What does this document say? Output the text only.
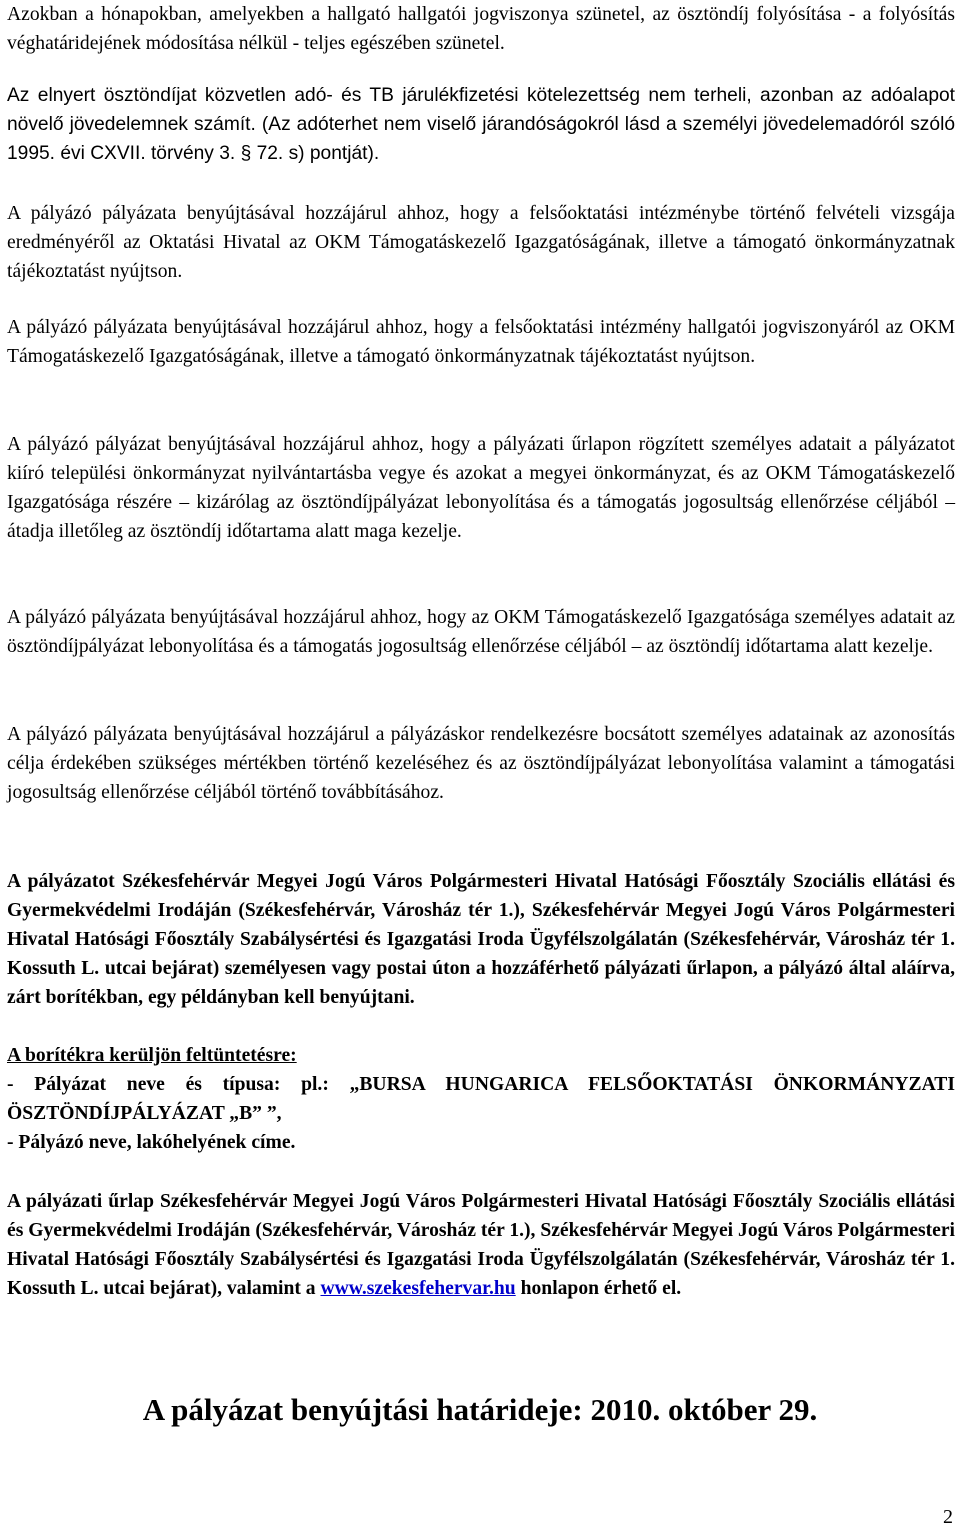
Azokban a hónapokban, amelyekben a hallgató hallgatói jogviszonya szünetel, az ösztöndíj folyósítása - a folyósítás véghatáridejének módosítása nélkül - teljes egészében szünetel.

Az elnyert ösztöndíjat közvetlen adó- és TB járulékfizetési kötelezettség nem terheli, azonban az adóalapot növelő jövedelemnek számít. (Az adóterhet nem viselő járandóságokról lásd a személyi jövedelemadóról szóló 1995. évi CXVII. törvény 3. § 72. s) pontját).

A pályázó pályázata benyújtásával hozzájárul ahhoz, hogy a felsőoktatási intézménybe történő felvételi vizsgája eredményéről az Oktatási Hivatal az OKM Támogatáskezelő Igazgatóságának, illetve a támogató önkormányzatnak tájékoztatást nyújtson.

A pályázó pályázata benyújtásával hozzájárul ahhoz, hogy a felsőoktatási intézmény hallgatói jogviszonyáról az OKM Támogatáskezelő Igazgatóságának, illetve a támogató önkormányzatnak tájékoztatást nyújtson.

A pályázó pályázat benyújtásával hozzájárul ahhoz, hogy a pályázati űrlapon rögzített személyes adatait a pályázatot kiíró települési önkormányzat nyilvántartásba vegye és azokat a megyei önkormányzat, és az OKM Támogatáskezelő Igazgatósága részére – kizárólag az ösztöndíjpályázat lebonyolítása és a támogatás jogosultság ellenőrzése céljából – átadja illetőleg az ösztöndíj időtartama alatt maga kezelje.

A pályázó pályázata benyújtásával hozzájárul ahhoz, hogy az OKM Támogatáskezelő Igazgatósága személyes adatait az ösztöndíjpályázat lebonyolítása és a támogatás jogosultság ellenőrzése céljából – az ösztöndíj időtartama alatt kezelje.

A pályázó pályázata benyújtásával hozzájárul a pályázáskor rendelkezésre bocsátott személyes adatainak az azonosítás célja érdekében szükséges mértékben történő kezeléséhez és az ösztöndíjpályázat lebonyolítása valamint a támogatási jogosultság ellenőrzése céljából történő továbbításához.

A pályázatot Székesfehérvár Megyei Jogú Város Polgármesteri Hivatal Hatósági Főosztály Szociális ellátási és Gyermekvédelmi Irodáján (Székesfehérvár, Városház tér 1.), Székesfehérvár Megyei Jogú Város Polgármesteri Hivatal Hatósági Főosztály Szabálysértési és Igazgatási Iroda Ügyfélszolgálatán (Székesfehérvár, Városház tér 1. Kossuth L. utcai bejárat) személyesen vagy postai úton a hozzáférhető pályázati űrlapon, a pályázó által aláírva, zárt borítékban, egy példányban kell benyújtani.

A borítékra kerüljön feltüntetésre:
- Pályázat neve és típusa: pl.: „BURSA HUNGARICA FELSŐOKTATÁSI ÖNKORMÁNYZATI ÖSZTÖNDÍJPÁLYÁZAT „B” ”,
- Pályázó neve, lakóhelyének címe.

A pályázati űrlap Székesfehérvár Megyei Jogú Város Polgármesteri Hivatal Hatósági Főosztály Szociális ellátási és Gyermekvédelmi Irodáján (Székesfehérvár, Városház tér 1.), Székesfehérvár Megyei Jogú Város Polgármesteri Hivatal Hatósági Főosztály Szabálysértési és Igazgatási Iroda Ügyfélszolgálatán (Székesfehérvár, Városház tér 1. Kossuth L. utcai bejárat), valamint a www.szekesfehervar.hu honlapon érhető el.

A pályázat benyújtási határideje: 2010. október 29.
2
